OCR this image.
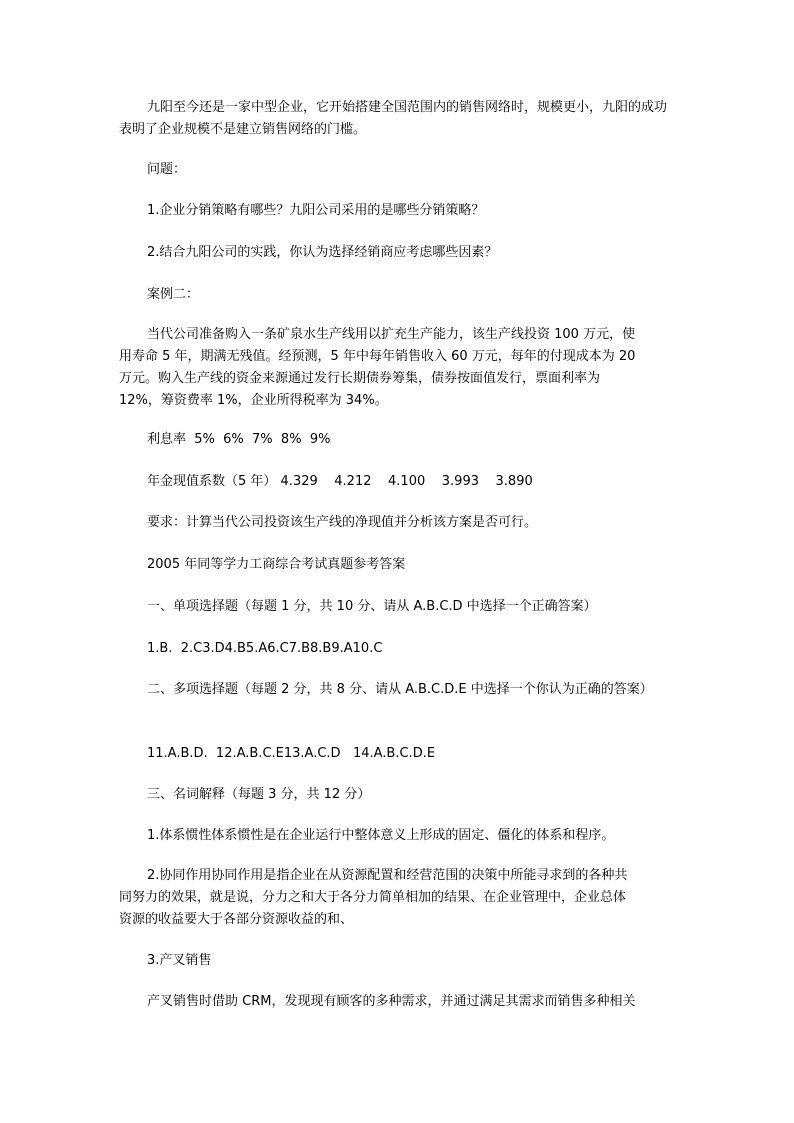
九阳至今还是一家中型企业，它开始搭建全国范围内的销售网络时，规模更小，九阳的成功表明了企业规模不是建立销售网络的门槛。
问题：
1.企业分销策略有哪些？九阳公司采用的是哪些分销策略？
2.结合九阳公司的实践，你认为选择经销商应考虑哪些因素？
案例二：
当代公司准备购入一条矿泉水生产线用以扩充生产能力，该生产线投资 100 万元，使
用寿命 5 年，期满无残值。经预测，5 年中每年销售收入 60 万元，每年的付现成本为 20
万元。购入生产线的资金来源通过发行长期债券筹集，债券按面值发行，票面利率为
12%，筹资费率 1%，企业所得税率为 34%。
利息率  5%  6%  7%  8%  9%
年金现值系数（5 年） 4.329    4.212    4.100    3.993    3.890
要求：计算当代公司投资该生产线的净现值并分析该方案是否可行。
2005 年同等学力工商综合考试真题参考答案
一、单项选择题（每题 1 分，共 10 分、请从 A.B.C.D 中选择一个正确答案）
1.B.  2.C3.D4.B5.A6.C7.B8.B9.A10.C
二、多项选择题（每题 2 分，共 8 分、请从 A.B.C.D.E 中选择一个你认为正确的答案）
11.A.B.D.  12.A.B.C.E13.A.C.D   14.A.B.C.D.E
三、名词解释（每题 3 分，共 12 分）
1.体系惯性体系惯性是在企业运行中整体意义上形成的固定、僵化的体系和程序。
2.协同作用协同作用是指企业在从资源配置和经营范围的决策中所能寻求到的各种共
同努力的效果，就是说，分力之和大于各分力简单相加的结果、在企业管理中，企业总体
资源的收益要大于各部分资源收益的和、
3.产叉销售
产叉销售时借助 CRM，发现现有顾客的多种需求，并通过满足其需求而销售多种相关
